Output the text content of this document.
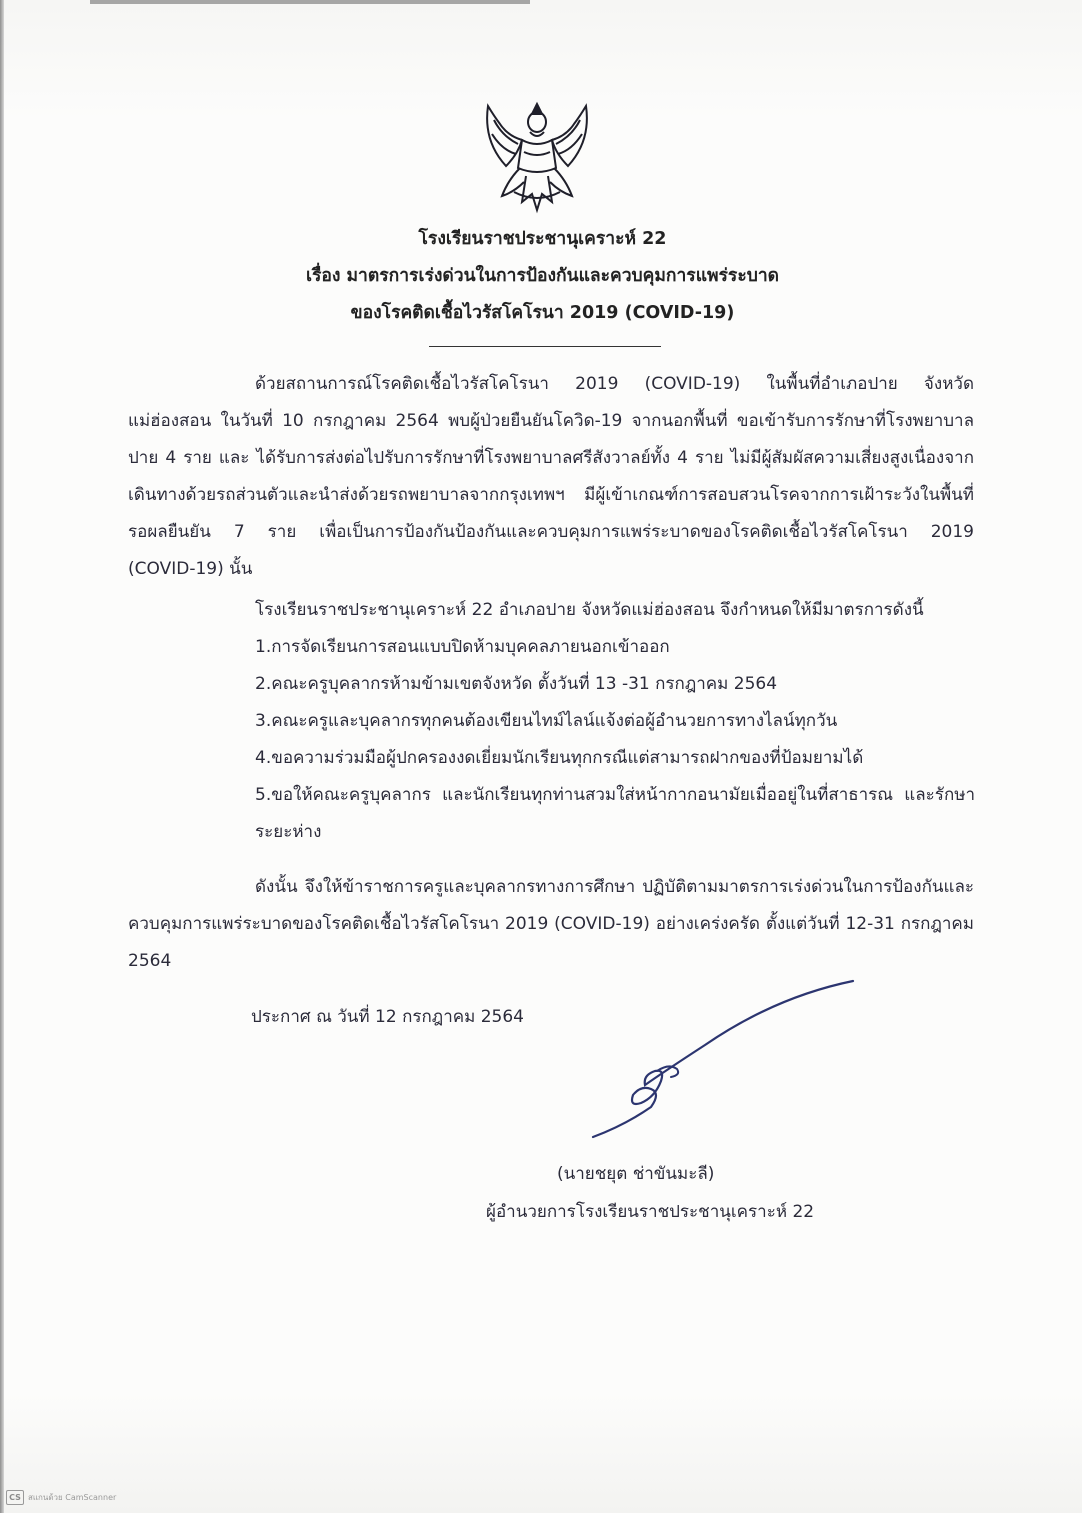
โรงเรียนราชประชานุเคราะห์ 22
เรื่อง มาตรการเร่งด่วนในการป้องกันและควบคุมการแพร่ระบาด
ของโรคติดเชื้อไวรัสโคโรนา 2019 (COVID-19)

ด้วยสถานการณ์โรคติดเชื้อไวรัสโคโรนา 2019 (COVID-19) ในพื้นที่อำเภอปาย จังหวัดแม่ฮ่องสอน ในวันที่ 10 กรกฎาคม 2564 พบผู้ป่วยยืนยันโควิด-19 จากนอกพื้นที่ ขอเข้ารับการรักษาที่โรงพยาบาลปาย 4 ราย และ ได้รับการส่งต่อไปรับการรักษาที่โรงพยาบาลศรีสังวาลย์ทั้ง 4 ราย ไม่มีผู้สัมผัสความเสี่ยงสูงเนื่องจากเดินทางด้วยรถส่วนตัวและนำส่งด้วยรถพยาบาลจากกรุงเทพฯ มีผู้เข้าเกณฑ์การสอบสวนโรคจากการเฝ้าระวังในพื้นที่ รอผลยืนยัน 7 ราย เพื่อเป็นการป้องกันป้องกันและควบคุมการแพร่ระบาดของโรคติดเชื้อไวรัสโคโรนา 2019 (COVID-19) นั้น

โรงเรียนราชประชานุเคราะห์ 22 อำเภอปาย จังหวัดแม่ฮ่องสอน จึงกำหนดให้มีมาตรการดังนี้

1.การจัดเรียนการสอนแบบปิดห้ามบุคคลภายนอกเข้าออก

2.คณะครูบุคลากรห้ามข้ามเขตจังหวัด ตั้งวันที่ 13 -31 กรกฎาคม 2564

3.คณะครูและบุคลากรทุกคนต้องเขียนไทม์ไลน์แจ้งต่อผู้อำนวยการทางไลน์ทุกวัน

4.ขอความร่วมมือผู้ปกครองงดเยี่ยมนักเรียนทุกกรณีแต่สามารถฝากของที่ป้อมยามได้

5.ขอให้คณะครูบุคลากร และนักเรียนทุกท่านสวมใส่หน้ากากอนามัยเมื่ออยู่ในที่สาธารณ และรักษาระยะห่าง

ดังนั้น จึงให้ข้าราชการครูและบุคลากรทางการศึกษา ปฏิบัติตามมาตรการเร่งด่วนในการป้องกันและควบคุมการแพร่ระบาดของโรคติดเชื้อไวรัสโคโรนา 2019 (COVID-19) อย่างเคร่งครัด ตั้งแต่วันที่ 12-31 กรกฎาคม 2564

ประกาศ ณ วันที่ 12 กรกฎาคม 2564

(นายชยุต ช่าขันมะลี)
ผู้อำนวยการโรงเรียนราชประชานุเคราะห์ 22
CS สแกนด้วย CamScanner
